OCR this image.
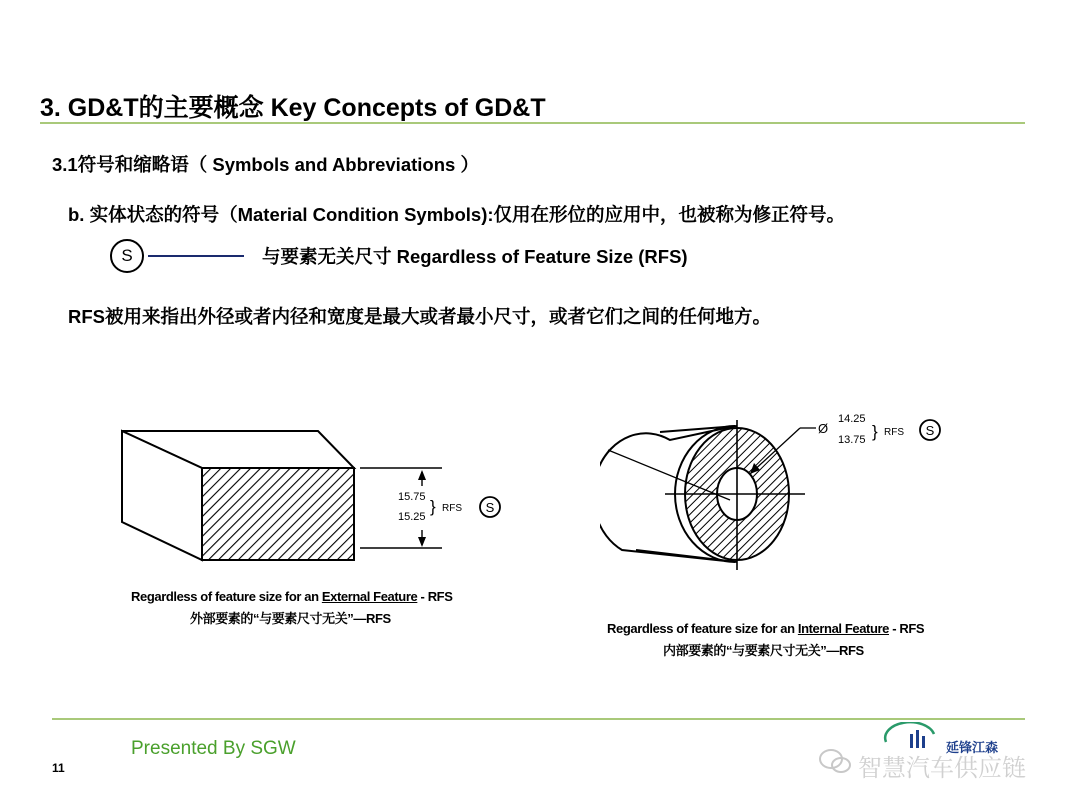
3. GD&T的主要概念 Key Concepts of GD&T
3.1符号和缩略语（ Symbols and Abbreviations ）
b. 实体状态的符号（Material Condition Symbols):仅用在形位的应用中，也被称为修正符号。
S	与要素无关尺寸 Regardless of Feature Size (RFS)
RFS被用来指出外径或者内径和宽度是最大或者最小尺寸，或者它们之间的任何地方。
15.75
15.25
} RFS S
Regardless of feature size for an External Feature - RFS
外部要素的“与要素尺寸无关”—RFS
Ø
14.25
13.75 } RFS S
Regardless of feature size for an Internal Feature - RFS
内部要素的“与要素尺寸无关”—RFS
Presented By SGW
11
延锋江森
智慧汽车供应链
